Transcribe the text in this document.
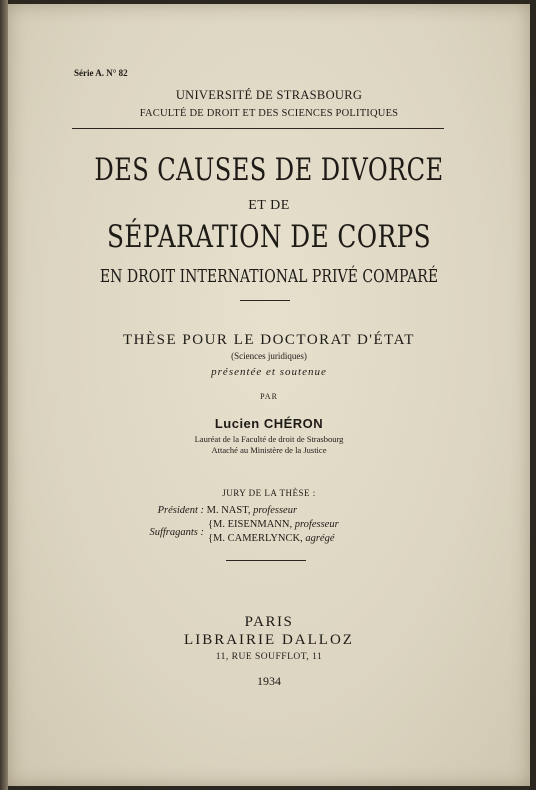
Série A. N° 82
UNIVERSITÉ DE STRASBOURG
FACULTÉ DE DROIT ET DES SCIENCES POLITIQUES
DES CAUSES DE DIVORCE
ET DE
SÉPARATION DE CORPS
EN DROIT INTERNATIONAL PRIVÉ COMPARÉ
THÈSE POUR LE DOCTORAT D'ÉTAT
(Sciences juridiques)
présentée et soutenue
PAR
Lucien CHÉRON
Lauréat de la Faculté de droit de Strasbourg
Attaché au Ministère de la Justice
JURY DE LA THÈSE :
Président : M. NAST, professeur
Suffragants :
{M. EISENMANN, professeur
{M. CAMERLYNCK, agrégé
PARIS
LIBRAIRIE DALLOZ
11, RUE SOUFFLOT, 11
1934
